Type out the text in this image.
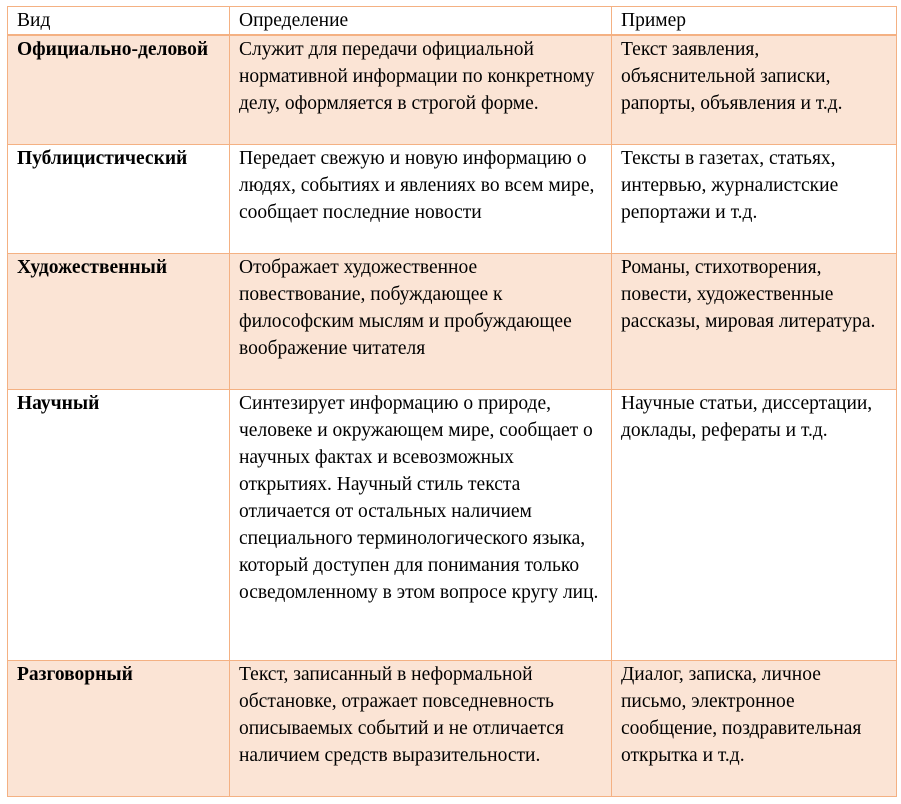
Вид	Определение	Пример
Официально-деловой	Служит для передачи официальной нормативной информации по конкретному делу, оформляется в строгой форме.	Текст заявления, объяснительной записки, рапорты, объявления и т.д.
Публицистический	Передает свежую и новую информацию о людях, событиях и явлениях во всем мире, сообщает последние новости	Тексты в газетах, статьях, интервью, журналистские репортажи и т.д.
Художественный	Отображает художественное повествование, побуждающее к философским мыслям и пробуждающее воображение читателя	Романы, стихотворения, повести, художественные рассказы, мировая литература.
Научный	Синтезирует информацию о природе, человеке и окружающем мире, сообщает о научных фактах и всевозможных открытиях. Научный стиль текста отличается от остальных наличием специального терминологического языка, который доступен для понимания только осведомленному в этом вопросе кругу лиц.	Научные статьи, диссертации, доклады, рефераты и т.д.
Разговорный	Текст, записанный в неформальной обстановке, отражает повседневность описываемых событий и не отличается наличием средств выразительности.	Диалог, записка, личное письмо, электронное сообщение, поздравительная открытка и т.д.
